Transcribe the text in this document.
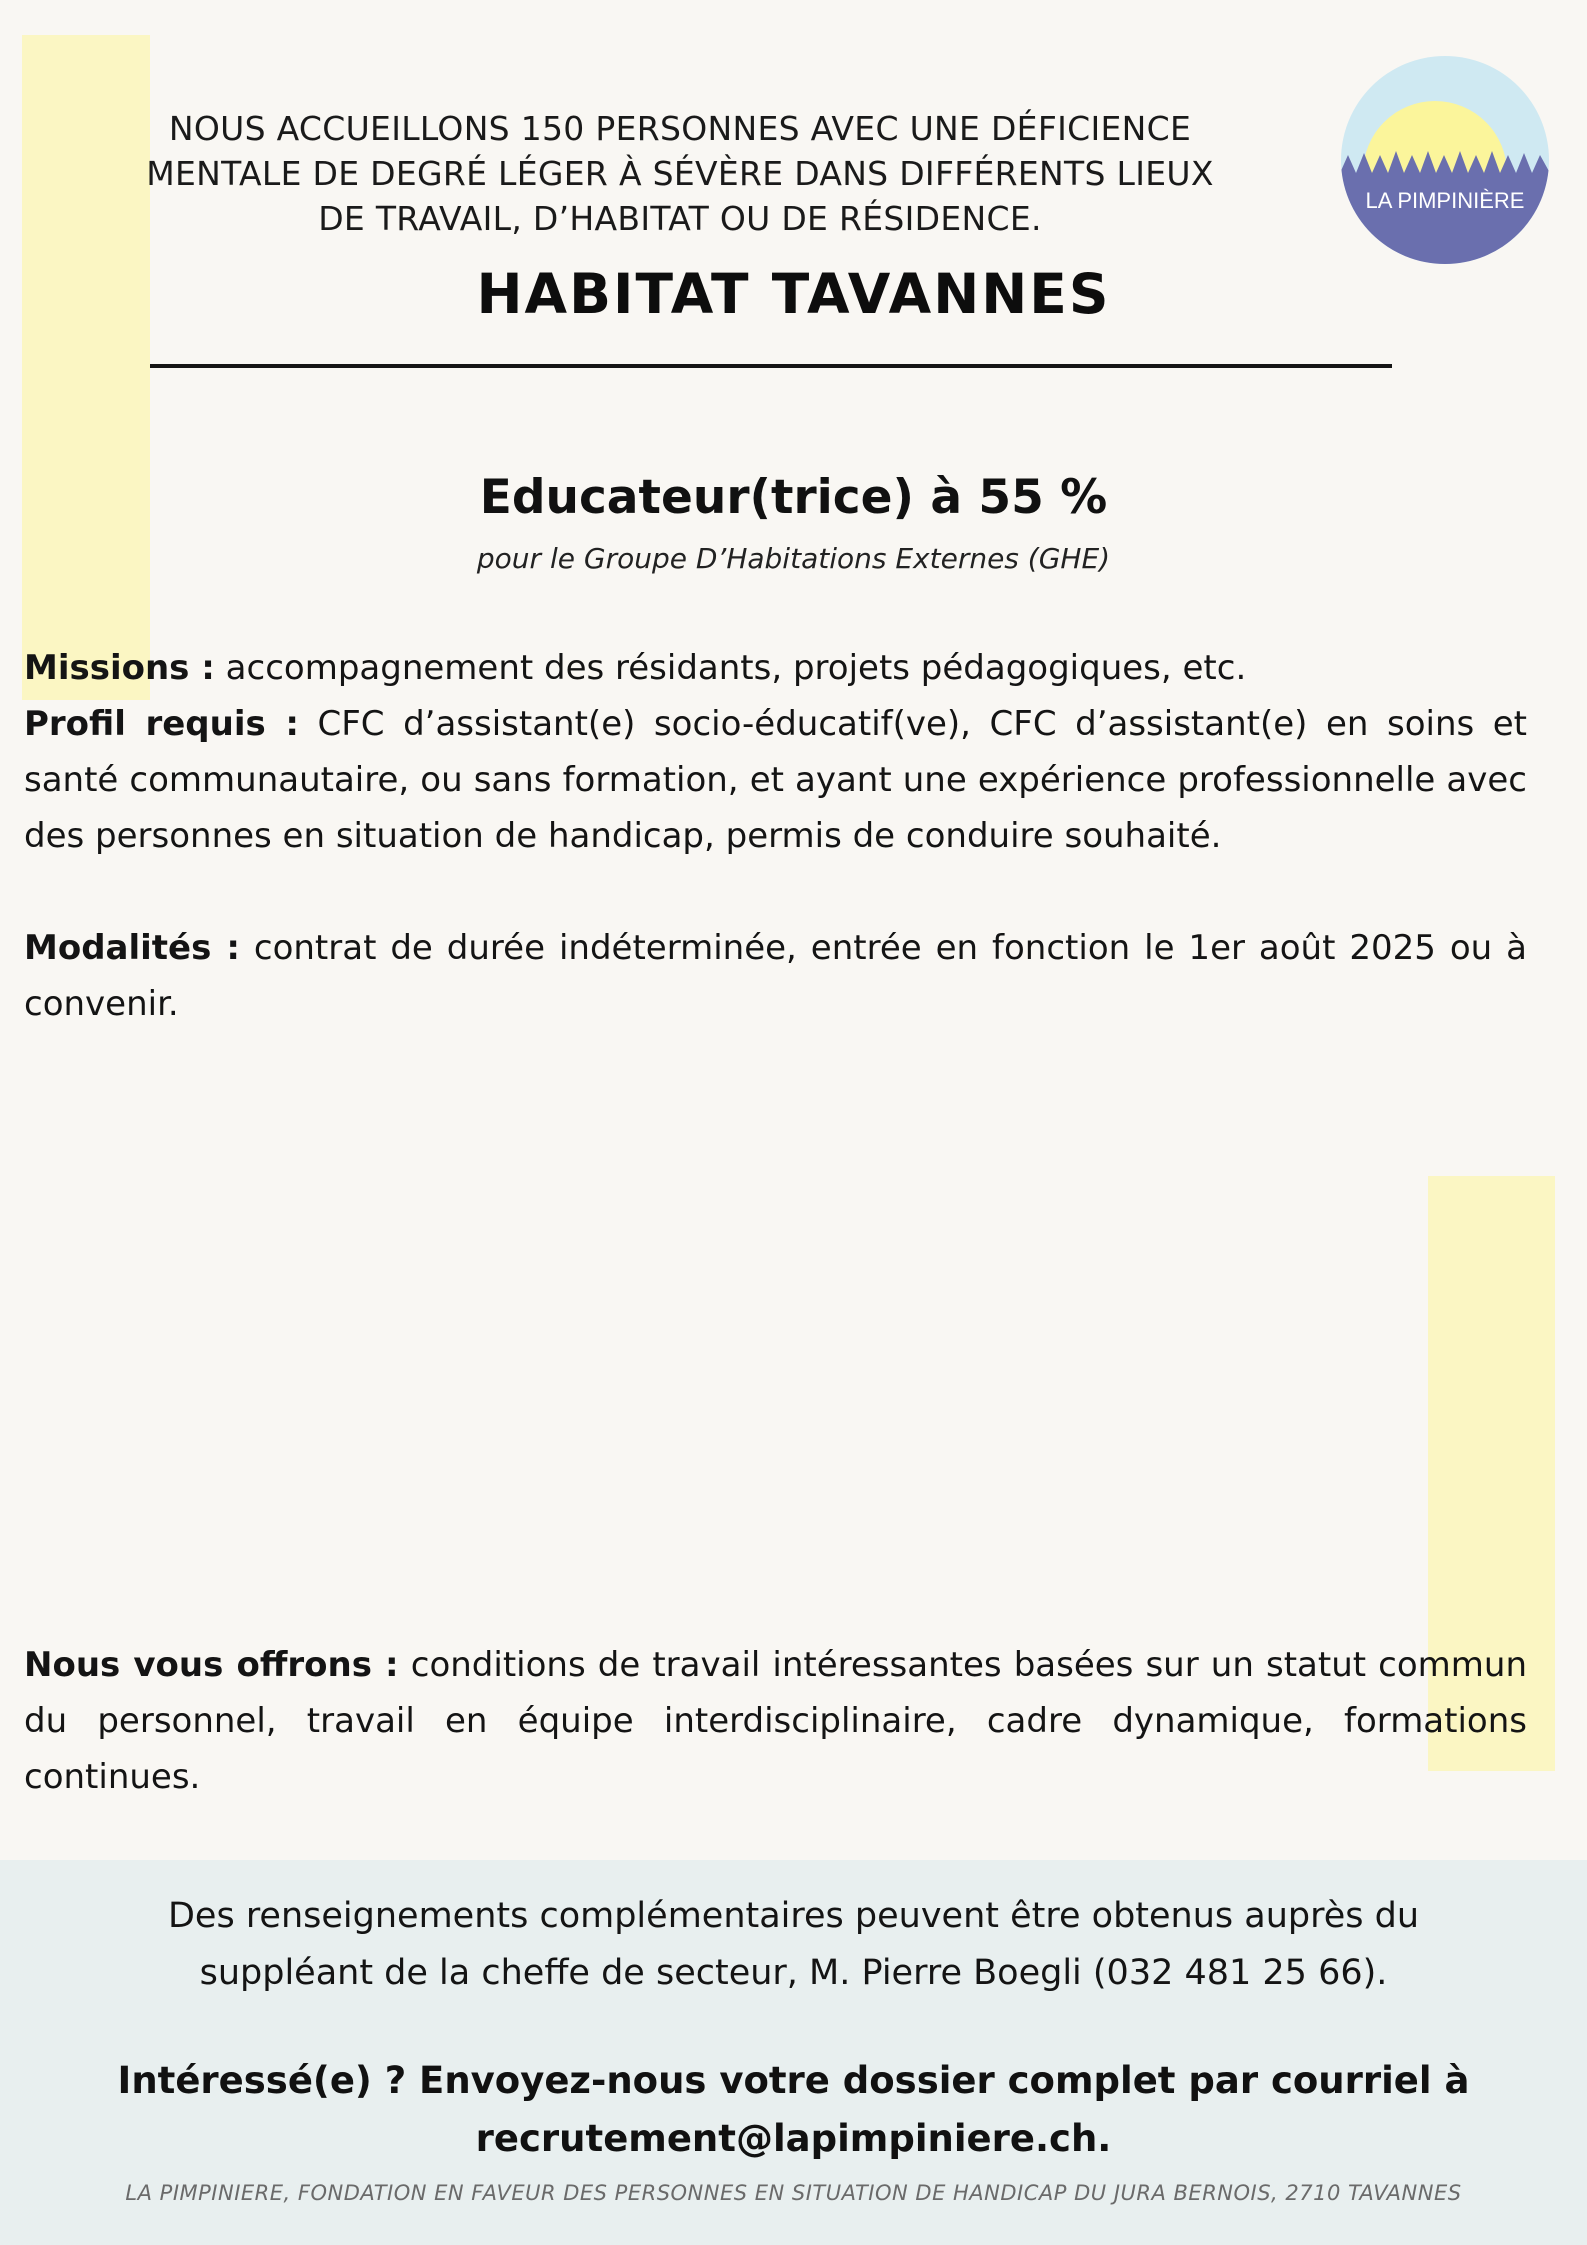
NOUS ACCUEILLONS 150 PERSONNES AVEC UNE DÉFICIENCE
MENTALE DE DEGRÉ LÉGER À SÉVÈRE DANS DIFFÉRENTS LIEUX
DE TRAVAIL, D’HABITAT OU DE RÉSIDENCE.	LA PIMPINIÈRE
HABITAT TAVANNES
Educateur(trice) à 55 %
pour le Groupe D’Habitations Externes (GHE)
Missions : accompagnement des résidants, projets pédagogiques, etc.
Profil requis : CFC d’assistant(e) socio-éducatif(ve), CFC d’assistant(e) en soins et santé communautaire, ou sans formation, et ayant une expérience professionnelle avec des personnes en situation de handicap, permis de conduire souhaité.
Modalités : contrat de durée indéterminée, entrée en fonction le 1er août 2025 ou à convenir.
Nous vous offrons : conditions de travail intéressantes basées sur un statut commun du personnel, travail en équipe interdisciplinaire, cadre dynamique, formations continues.
Des renseignements complémentaires peuvent être obtenus auprès du suppléant de la cheffe de secteur, M. Pierre Boegli (032 481 25 66).
Intéressé(e) ? Envoyez-nous votre dossier complet par courriel à recrutement@lapimpiniere.ch.
LA PIMPINIERE, FONDATION EN FAVEUR DES PERSONNES EN SITUATION DE HANDICAP DU JURA BERNOIS, 2710 TAVANNES
